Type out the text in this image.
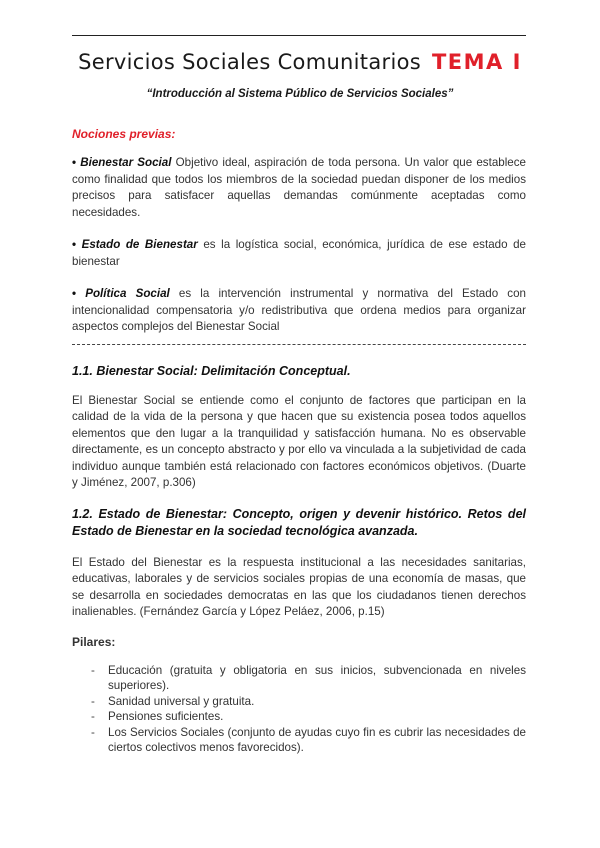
Servicios Sociales Comunitarios TEMA I
“Introducción al Sistema Público de Servicios Sociales”

Nociones previas:

• Bienestar Social Objetivo ideal, aspiración de toda persona. Un valor que establece como finalidad que todos los miembros de la sociedad puedan disponer de los medios precisos para satisfacer aquellas demandas comúnmente aceptadas como necesidades.

• Estado de Bienestar es la logística social, económica, jurídica de ese estado de bienestar

• Política Social es la intervención instrumental y normativa del Estado con intencionalidad compensatoria y/o redistributiva que ordena medios para organizar aspectos complejos del Bienestar Social

1.1. Bienestar Social: Delimitación Conceptual.

El Bienestar Social se entiende como el conjunto de factores que participan en la calidad de la vida de la persona y que hacen que su existencia posea todos aquellos elementos que den lugar a la tranquilidad y satisfacción humana. No es observable directamente, es un concepto abstracto y por ello va vinculada a la subjetividad de cada individuo aunque también está relacionado con factores económicos objetivos. (Duarte y Jiménez, 2007, p.306)

1.2. Estado de Bienestar: Concepto, origen y devenir histórico. Retos del Estado de Bienestar en la sociedad tecnológica avanzada.

El Estado del Bienestar es la respuesta institucional a las necesidades sanitarias, educativas, laborales y de servicios sociales propias de una economía de masas, que se desarrolla en sociedades democratas en las que los ciudadanos tienen derechos inalienables. (Fernández García y López Peláez, 2006, p.15)

Pilares:

- Educación (gratuita y obligatoria en sus inicios, subvencionada en niveles superiores).
- Sanidad universal y gratuita.
- Pensiones suficientes.
- Los Servicios Sociales (conjunto de ayudas cuyo fin es cubrir las necesidades de ciertos colectivos menos favorecidos).
